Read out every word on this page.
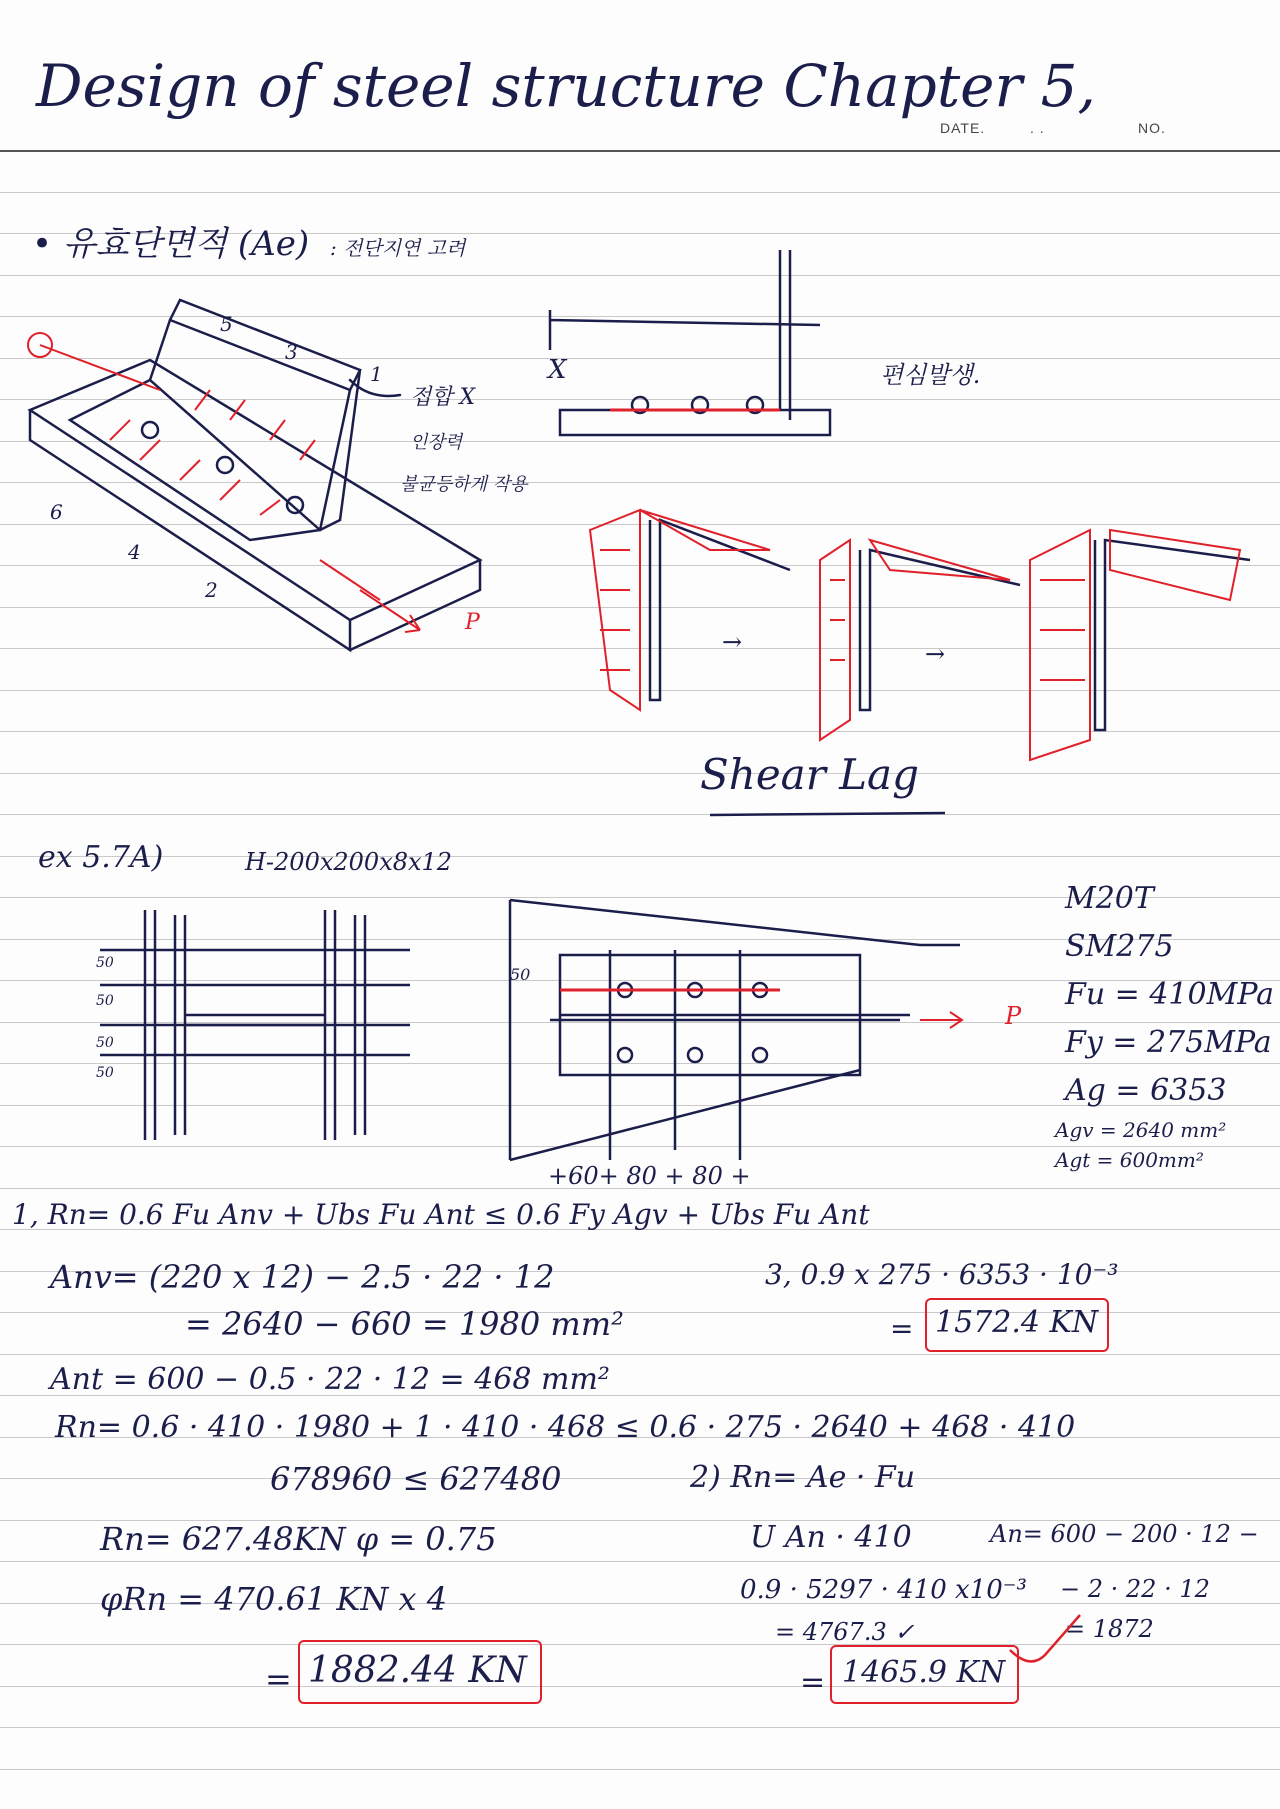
Design of steel structure Chapter 5,
DATE.	. .	NO.
• 유효단면적 (Ae) : 전단지연 고려
5
3
1
6
4
2
P
접합 X
인장력
불균등하게 작용
X	편심발생.
→	→
Shear Lag
ex 5.7A)	H-200x200x8x12
50
50
50
50
50
P
+60+ 80 + 80 +
M20T
SM275
Fu = 410MPa
Fy = 275MPa
Ag = 6353
Agv = 2640 mm²
Agt = 600mm²
1, Rn= 0.6 Fu Anv + Ubs Fu Ant ≤ 0.6 Fy Agv + Ubs Fu Ant
Anv= (220 x 12) − 2.5 · 22 · 12
= 2640 − 660 = 1980 mm²
Ant = 600 − 0.5 · 22 · 12 = 468 mm²
Rn= 0.6 · 410 · 1980 + 1 · 410 · 468 ≤ 0.6 · 275 · 2640 + 468 · 410
678960 ≤ 627480
Rn= 627.48KN φ = 0.75
φRn = 470.61 KN x 4
= 1882.44 KN
3, 0.9 x 275 · 6353 · 10⁻³
= 1572.4 KN
2) Rn= Ae · Fu
U An · 410	An= 600 − 200 · 12 −
0.9 · 5297 · 410 x10⁻³ − 2 · 22 · 12
= 1872
= 4767.3 ✓
= 1465.9 KN
